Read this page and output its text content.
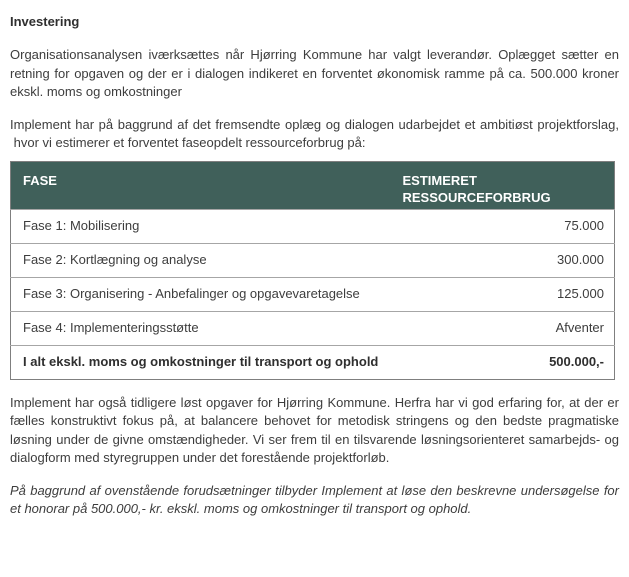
Investering

Organisationsanalysen iværksættes når Hjørring Kommune har valgt leverandør. Oplægget sætter en retning for opgaven og der er i dialogen indikeret en forventet økonomisk ramme på ca. 500.000 kroner ekskl. moms og omkostninger

Implement har på baggrund af det fremsendte oplæg og dialogen udarbejdet et ambitiøst projektforslag,  hvor vi estimerer et forventet faseopdelt ressourceforbrug på:

FASE	ESTIMERET RESSOURCEFORBRUG
Fase 1: Mobilisering	75.000
Fase 2: Kortlægning og analyse	300.000
Fase 3: Organisering - Anbefalinger og opgavevaretagelse	125.000
Fase 4: Implementeringsstøtte	Afventer
I alt ekskl. moms og omkostninger til transport og ophold	500.000,-

Implement har også tidligere løst opgaver for Hjørring Kommune. Herfra har vi god erfaring for, at der er fælles konstruktivt fokus på, at balancere behovet for metodisk stringens og den bedste pragmatiske løsning under de givne omstændigheder. Vi ser frem til en tilsvarende løsningsorienteret samarbejds- og dialogform med styregruppen under det forestående projektforløb.

På baggrund af ovenstående forudsætninger tilbyder Implement at løse den beskrevne undersøgelse for et honorar på 500.000,- kr. ekskl. moms og omkostninger til transport og ophold.
